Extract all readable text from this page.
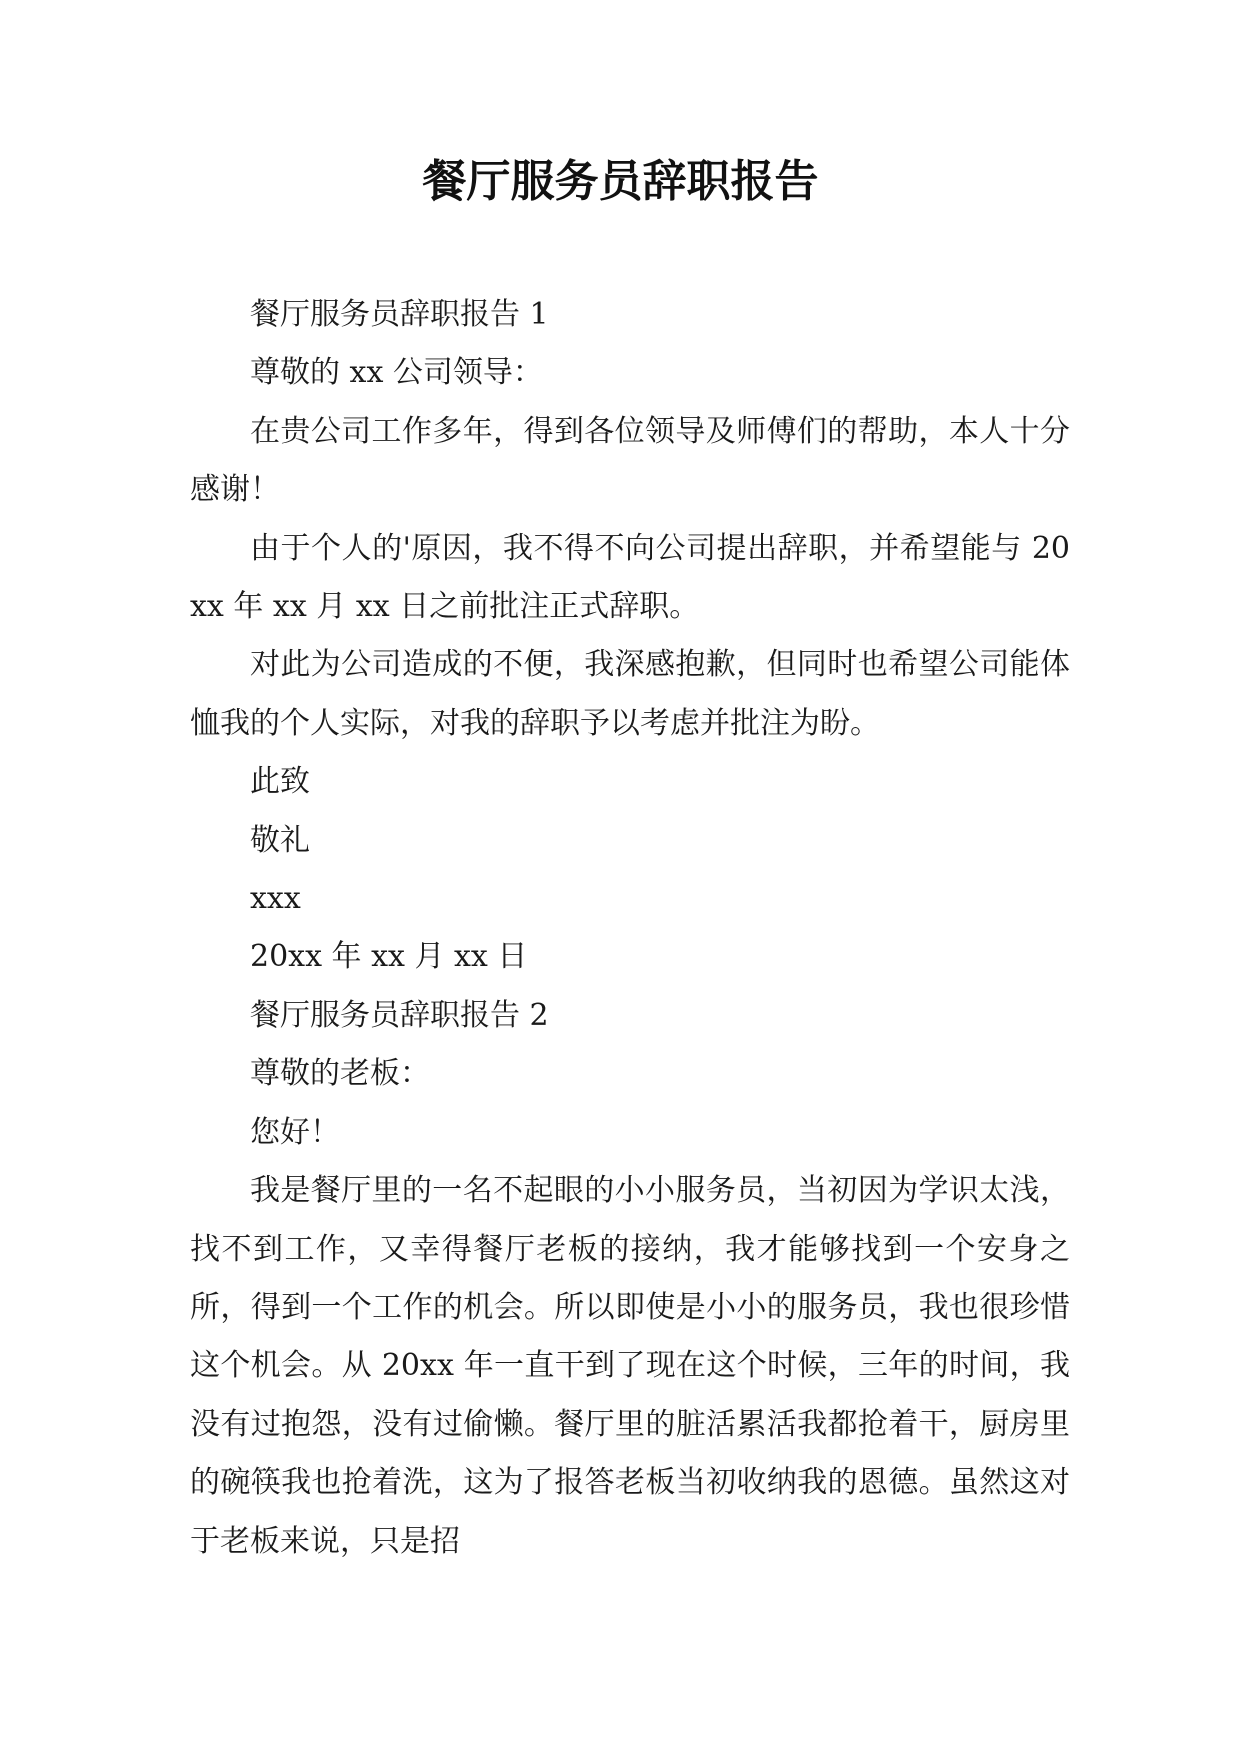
餐厅服务员辞职报告

餐厅服务员辞职报告 1

尊敬的 xx 公司领导：

在贵公司工作多年，得到各位领导及师傅们的帮助，本人十分感谢！

由于个人的'原因，我不得不向公司提出辞职，并希望能与 20xx 年 xx 月 xx 日之前批注正式辞职。

对此为公司造成的不便，我深感抱歉，但同时也希望公司能体恤我的个人实际，对我的辞职予以考虑并批注为盼。

此致

敬礼

xxx

20xx 年 xx 月 xx 日

餐厅服务员辞职报告 2

尊敬的老板：

您好！

我是餐厅里的一名不起眼的小小服务员，当初因为学识太浅，找不到工作，又幸得餐厅老板的接纳，我才能够找到一个安身之所，得到一个工作的机会。所以即使是小小的服务员，我也很珍惜这个机会。从 20xx 年一直干到了现在这个时候，三年的时间，我没有过抱怨，没有过偷懒。餐厅里的脏活累活我都抢着干，厨房里的碗筷我也抢着洗，这为了报答老板当初收纳我的恩德。虽然这对于老板来说，只是招
